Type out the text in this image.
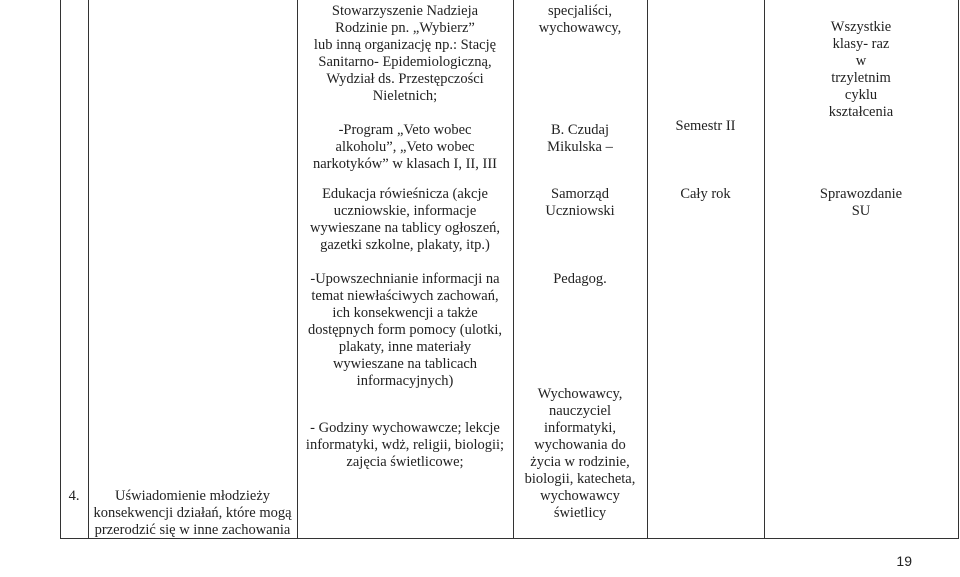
Stowarzyszenie Nadzieja
Rodzinie pn. „Wybierz”
lub inną organizację np.: Stację
Sanitarno- Epidemiologiczną,
Wydział ds. Przestępczości
Nieletnich;

-Program „Veto wobec
alkoholu”, „Veto wobec
narkotyków” w klasach I, II, III
specjaliści,
wychowawcy,

B. Czudaj
Mikulska –
Semestr II
Wszystkie
klasy- raz
w
trzyletnim
cyklu
kształcenia
Edukacja rówieśnicza (akcje
uczniowskie, informacje
wywieszane na tablicy ogłoszeń,
gazetki szkolne, plakaty, itp.)
Samorząd
Uczniowski
Cały rok	Sprawozdanie
SU
4.	Uświadomienie młodzieży
konsekwencji działań, które mogą
przerodzić się w inne zachowania
-Upowszechnianie informacji na
temat niewłaściwych zachowań,
ich konsekwencji a także
dostępnych form pomocy (ulotki,
plakaty, inne materiały
wywieszane na tablicach
informacyjnych)
- Godziny wychowawcze; lekcje
informatyki, wdż, religii, biologii;
zajęcia świetlicowe;
Pedagog.
Wychowawcy,
nauczyciel
informatyki,
wychowania do
życia w rodzinie,
biologii, katecheta,
wychowawcy
świetlicy
19
